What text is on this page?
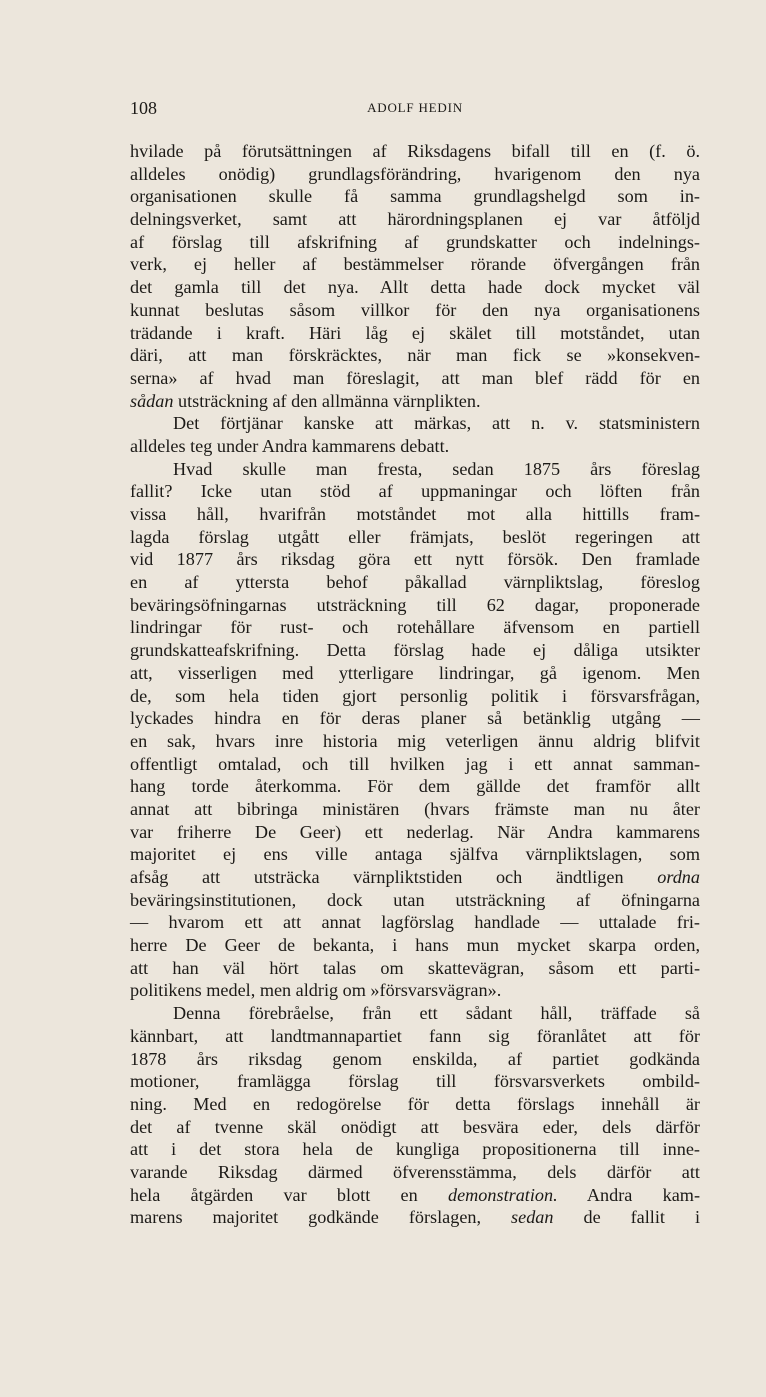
108	ADOLF HEDIN
hvilade på förutsättningen af Riksdagens bifall till en (f. ö.
alldeles onödig) grundlagsförändring, hvarigenom den nya
organisationen skulle få samma grundlagshelgd som in-
delningsverket, samt att härordningsplanen ej var åtföljd
af förslag till afskrifning af grundskatter och indelnings-
verk, ej heller af bestämmelser rörande öfvergången från
det gamla till det nya. Allt detta hade dock mycket väl
kunnat beslutas såsom villkor för den nya organisationens
trädande i kraft. Häri låg ej skälet till motståndet, utan
däri, att man förskräcktes, när man fick se »konsekven-
serna» af hvad man föreslagit, att man blef rädd för en
sådan utsträckning af den allmänna värnplikten.
Det förtjänar kanske att märkas, att n. v. statsministern
alldeles teg under Andra kammarens debatt.
Hvad skulle man fresta, sedan 1875 års föreslag
fallit? Icke utan stöd af uppmaningar och löften från
vissa håll, hvarifrån motståndet mot alla hittills fram-
lagda förslag utgått eller främjats, beslöt regeringen att
vid 1877 års riksdag göra ett nytt försök. Den framlade
en af yttersta behof påkallad värnpliktslag, föreslog
beväringsöfningarnas utsträckning till 62 dagar, proponerade
lindringar för rust- och rotehållare äfvensom en partiell
grundskatteafskrifning. Detta förslag hade ej dåliga utsikter
att, visserligen med ytterligare lindringar, gå igenom. Men
de, som hela tiden gjort personlig politik i försvarsfrågan,
lyckades hindra en för deras planer så betänklig utgång —
en sak, hvars inre historia mig veterligen ännu aldrig blifvit
offentligt omtalad, och till hvilken jag i ett annat samman-
hang torde återkomma. För dem gällde det framför allt
annat att bibringa ministären (hvars främste man nu åter
var friherre De Geer) ett nederlag. När Andra kammarens
majoritet ej ens ville antaga själfva värnpliktslagen, som
afsåg att utsträcka värnpliktstiden och ändtligen ordna
beväringsinstitutionen, dock utan utsträckning af öfningarna
— hvarom ett att annat lagförslag handlade — uttalade fri-
herre De Geer de bekanta, i hans mun mycket skarpa orden,
att han väl hört talas om skattevägran, såsom ett parti-
politikens medel, men aldrig om »försvarsvägran».
Denna förebråelse, från ett sådant håll, träffade så
kännbart, att landtmannapartiet fann sig föranlåtet att för
1878 års riksdag genom enskilda, af partiet godkända
motioner, framlägga förslag till försvarsverkets ombild-
ning. Med en redogörelse för detta förslags innehåll är
det af tvenne skäl onödigt att besvära eder, dels därför
att i det stora hela de kungliga propositionerna till inne-
varande Riksdag därmed öfverensstämma, dels därför att
hela åtgärden var blott en demonstration. Andra kam-
marens majoritet godkände förslagen, sedan de fallit i
